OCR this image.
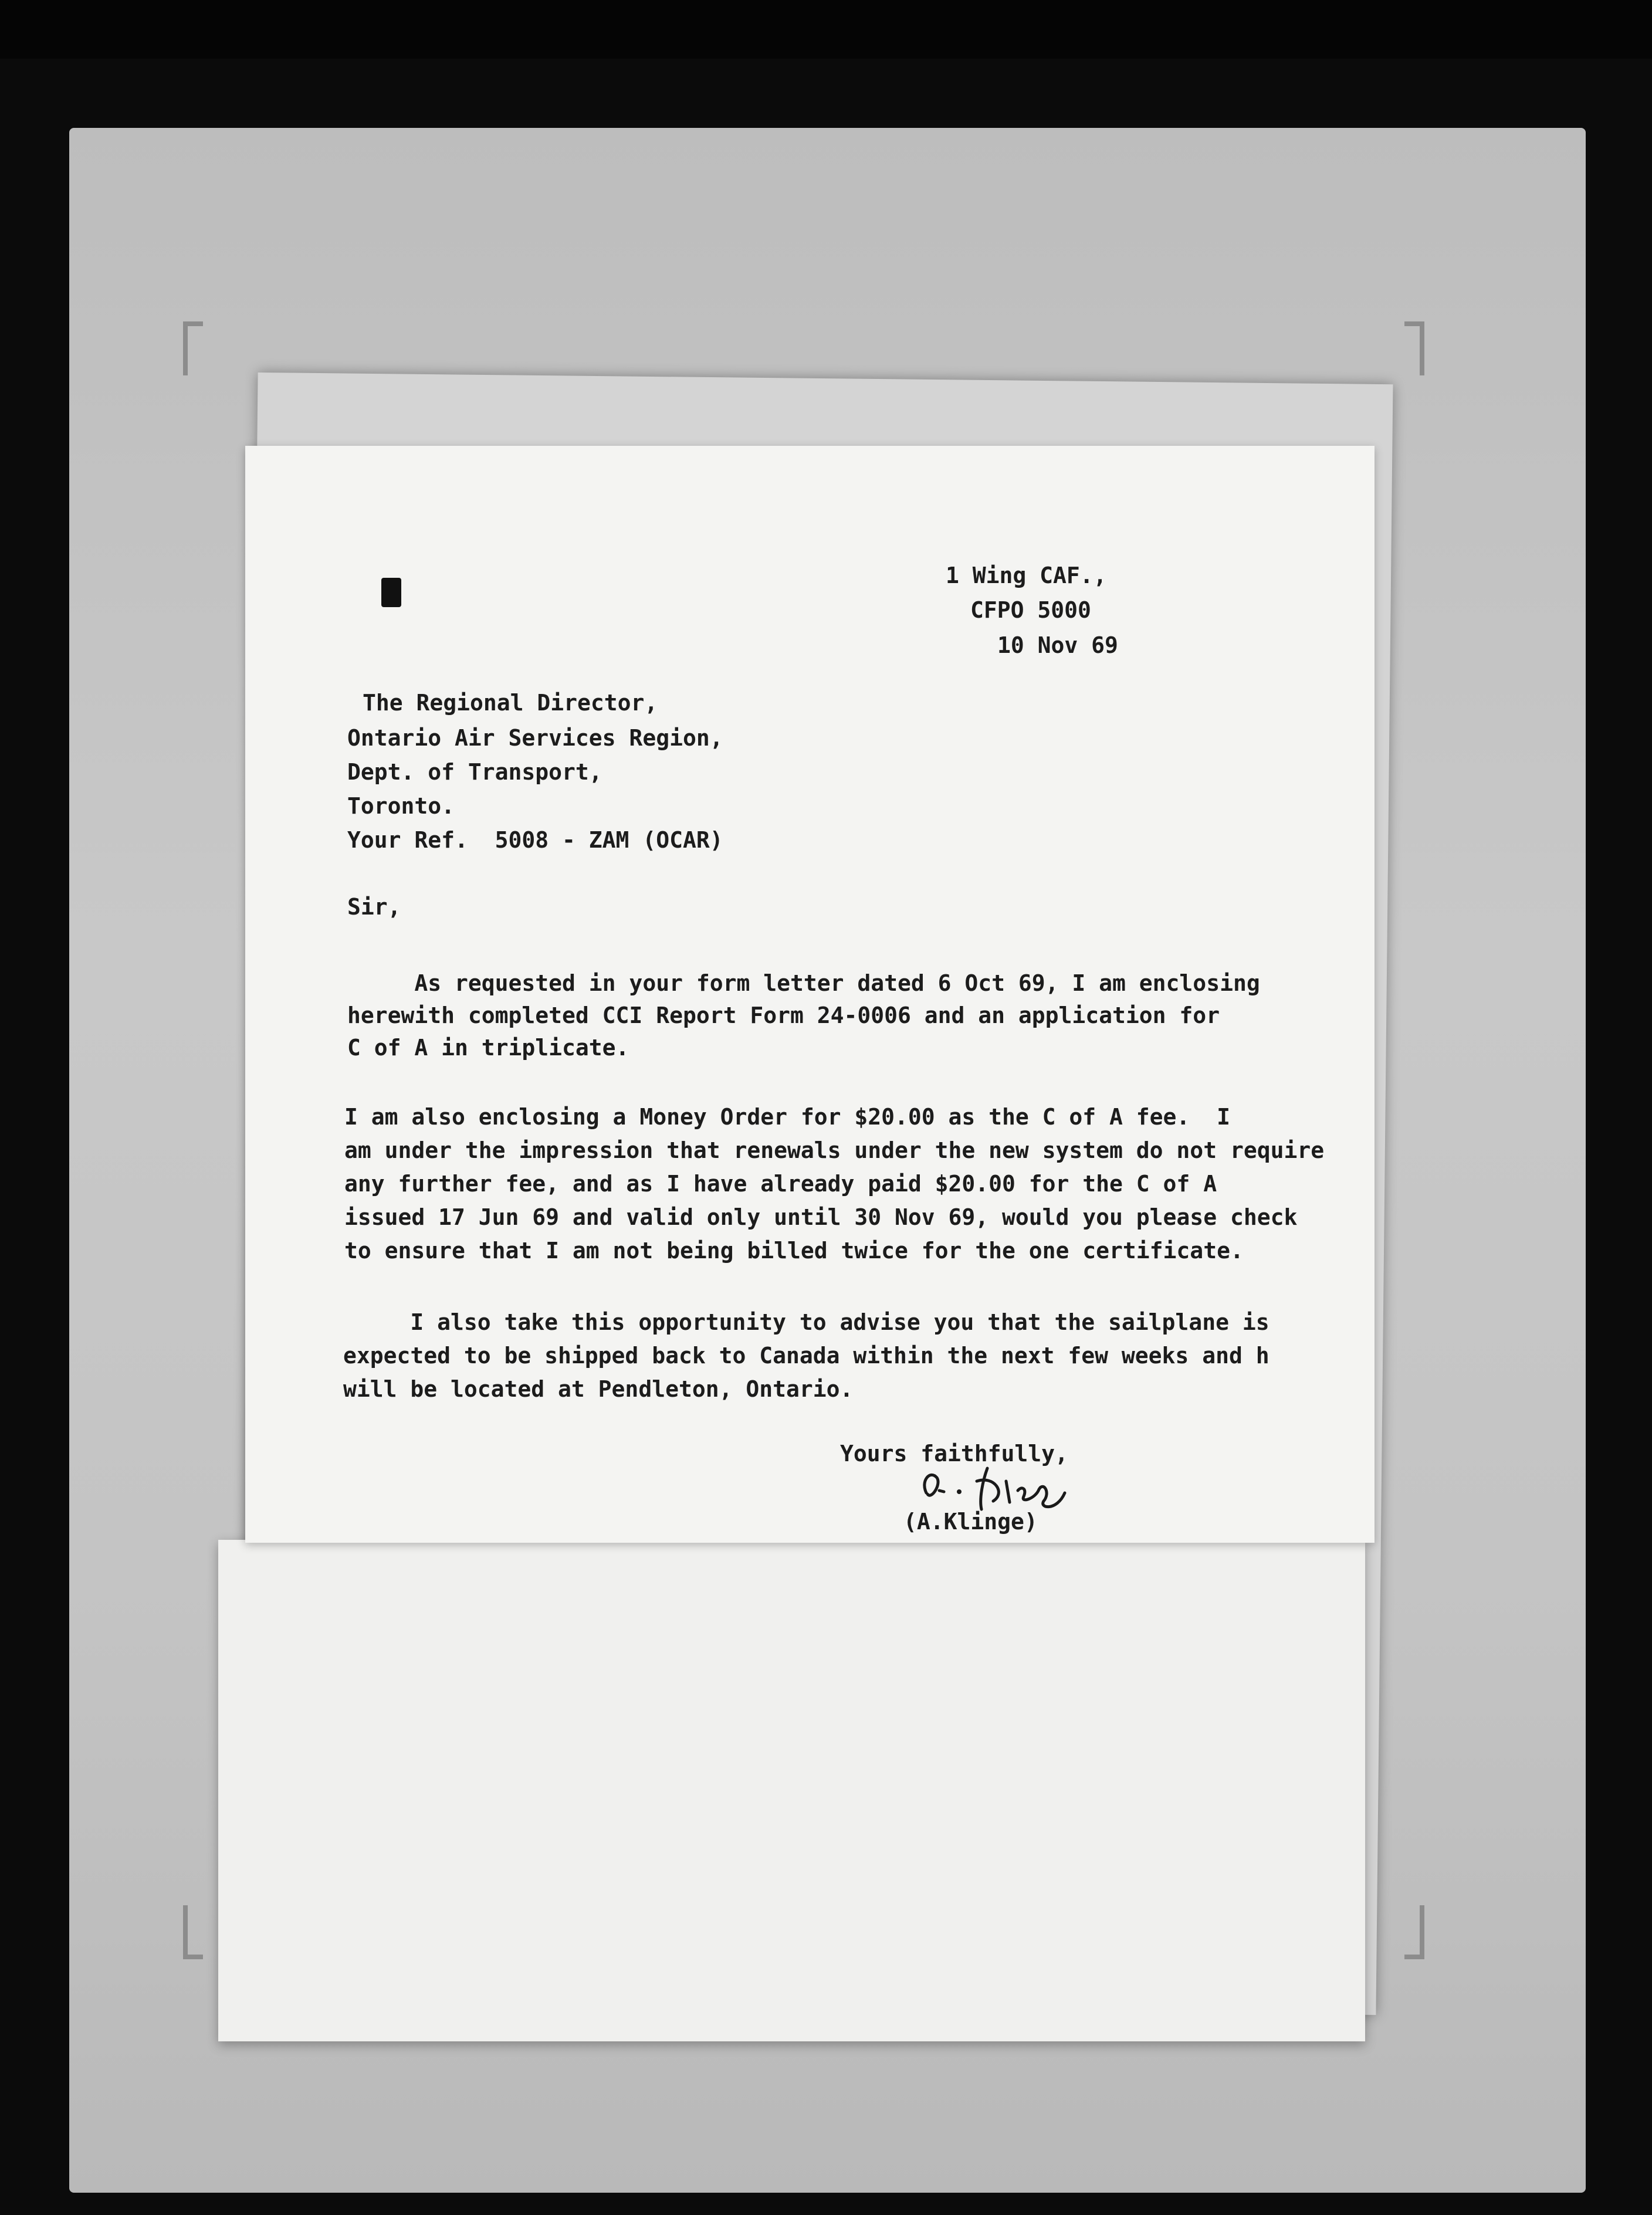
1 Wing CAF.,
CFPO 5000
10 Nov 69
The Regional Director,
Ontario Air Services Region,
Dept. of Transport,
Toronto.
Your Ref.  5008 - ZAM (OCAR)
Sir,
As requested in your form letter dated 6 Oct 69, I am enclosing
herewith completed CCI Report Form 24-0006 and an application for
C of A in triplicate.
I am also enclosing a Money Order for $20.00 as the C of A fee.  I
am under the impression that renewals under the new system do not require
any further fee, and as I have already paid $20.00 for the C of A
issued 17 Jun 69 and valid only until 30 Nov 69, would you please check
to ensure that I am not being billed twice for the one certificate.
I also take this opportunity to advise you that the sailplane is
expected to be shipped back to Canada within the next few weeks and h
will be located at Pendleton, Ontario.
Yours faithfully,
(A.Klinge)
